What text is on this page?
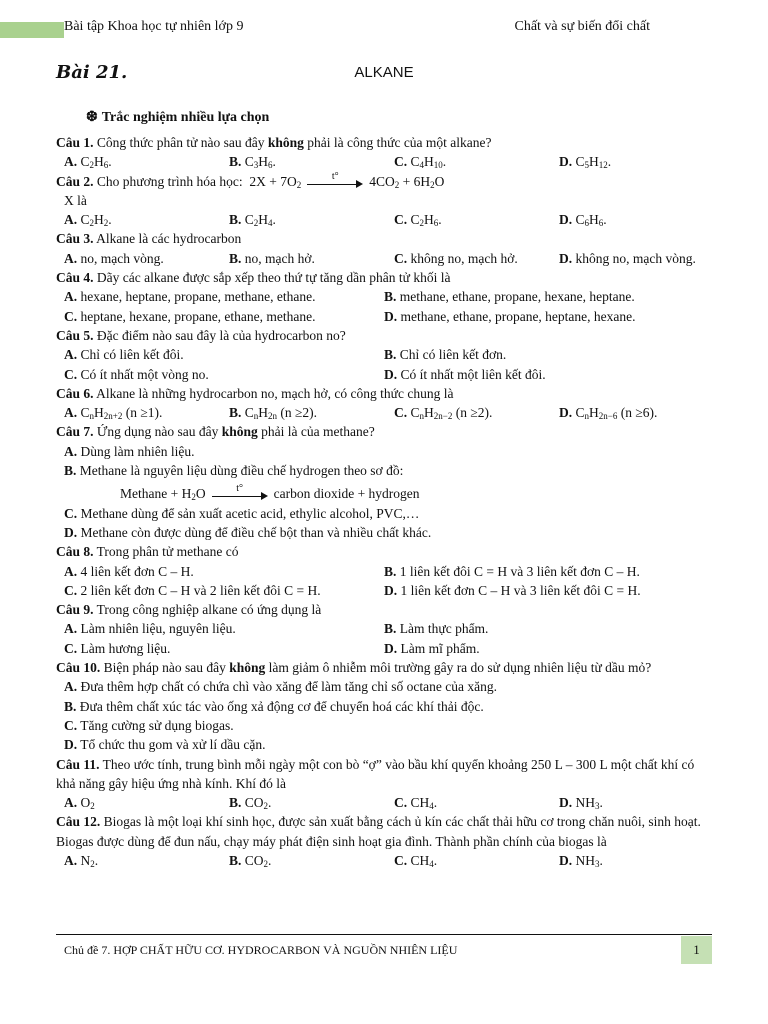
Bài tập Khoa học tự nhiên lớp 9	Chất và sự biến đổi chất
Bài 21.	ALKANE
❆ Trắc nghiệm nhiều lựa chọn
Câu 1. Công thức phân tử nào sau đây không phải là công thức của một alkane?
A. $C_2H_6$.	B. $C_3H_6$.	C. $C_4H_{10}$.	D. $C_5H_{12}$.
Câu 2. Cho phương trình hóa học:  $2X + 7O_2$
t°	$4CO_2 + 6H_2O$
X là
A. $C_2H_2$.	B. $C_2H_4$.	C. $C_2H_6$.	D. $C_6H_6$.
Câu 3. Alkane là các hydrocarbon
A. no, mạch vòng.	B. no, mạch hở.	C. không no, mạch hở.	D. không no, mạch vòng.
Câu 4. Dãy các alkane được sắp xếp theo thứ tự tăng dần phân tử khối là
A. hexane, heptane, propane, methane, ethane.	B. methane, ethane, propane, hexane, heptane.
C. heptane, hexane, propane, ethane, methane.	D. methane, ethane, propane, heptane, hexane.
Câu 5. Đặc điểm nào sau đây là của hydrocarbon no?
A. Chỉ có liên kết đôi.	B. Chỉ có liên kết đơn.
C. Có ít nhất một vòng no.	D. Có ít nhất một liên kết đôi.
Câu 6. Alkane là những hydrocarbon no, mạch hở, có công thức chung là
A. $C_nH_{2n+2}$ (n ≥1).	B. $C_nH_{2n}$ (n ≥2).	C. $C_nH_{2n-2}$ (n ≥2).	D. $C_nH_{2n-6}$ (n ≥6).
Câu 7. Ứng dụng nào sau đây không phải là của methane?
A. Dùng làm nhiên liệu.
B. Methane là nguyên liệu dùng điều chế hydrogen theo sơ đồ:
Methane + $H_2O$	t°	carbon dioxide + hydrogen
C. Methane dùng để sản xuất acetic acid, ethylic alcohol, PVC,…
D. Methane còn được dùng để điều chế bột than và nhiều chất khác.
Câu 8. Trong phân tử methane có
A. 4 liên kết đơn C – H.	B. 1 liên kết đôi C = H và 3 liên kết đơn C – H.
C. 2 liên kết đơn C – H và 2 liên kết đôi C = H.	D. 1 liên kết đơn C – H và 3 liên kết đôi C = H.
Câu 9. Trong công nghiệp alkane có ứng dụng là
A. Làm nhiên liệu, nguyên liệu.	B. Làm thực phẩm.
C. Làm hương liệu.	D. Làm mĩ phẩm.
Câu 10. Biện pháp nào sau đây không làm giảm ô nhiễm môi trường gây ra do sử dụng nhiên liệu từ dầu mỏ?
A. Đưa thêm hợp chất có chứa chì vào xăng để làm tăng chỉ số octane của xăng.
B. Đưa thêm chất xúc tác vào ống xả động cơ để chuyển hoá các khí thải độc.
C. Tăng cường sử dụng biogas.
D. Tổ chức thu gom và xử lí dầu cặn.
Câu 11. Theo ước tính, trung bình mỗi ngày một con bò “ợ” vào bầu khí quyển khoảng 250 L – 300 L một chất khí có khả năng gây hiệu ứng nhà kính. Khí đó là
A. $O_2$	B. $CO_2$.	C. $CH_4$.	D. $NH_3$.
Câu 12. Biogas là một loại khí sinh học, được sản xuất bằng cách ủ kín các chất thải hữu cơ trong chăn nuôi, sinh hoạt. Biogas được dùng để đun nấu, chạy máy phát điện sinh hoạt gia đình. Thành phần chính của biogas là
A. $N_2$.	B. $CO_2$.	C. $CH_4$.	D. $NH_3$.
Chủ đề 7. HỢP CHẤT HỮU CƠ. HYDROCARBON VÀ NGUỒN NHIÊN LIỆU	1
